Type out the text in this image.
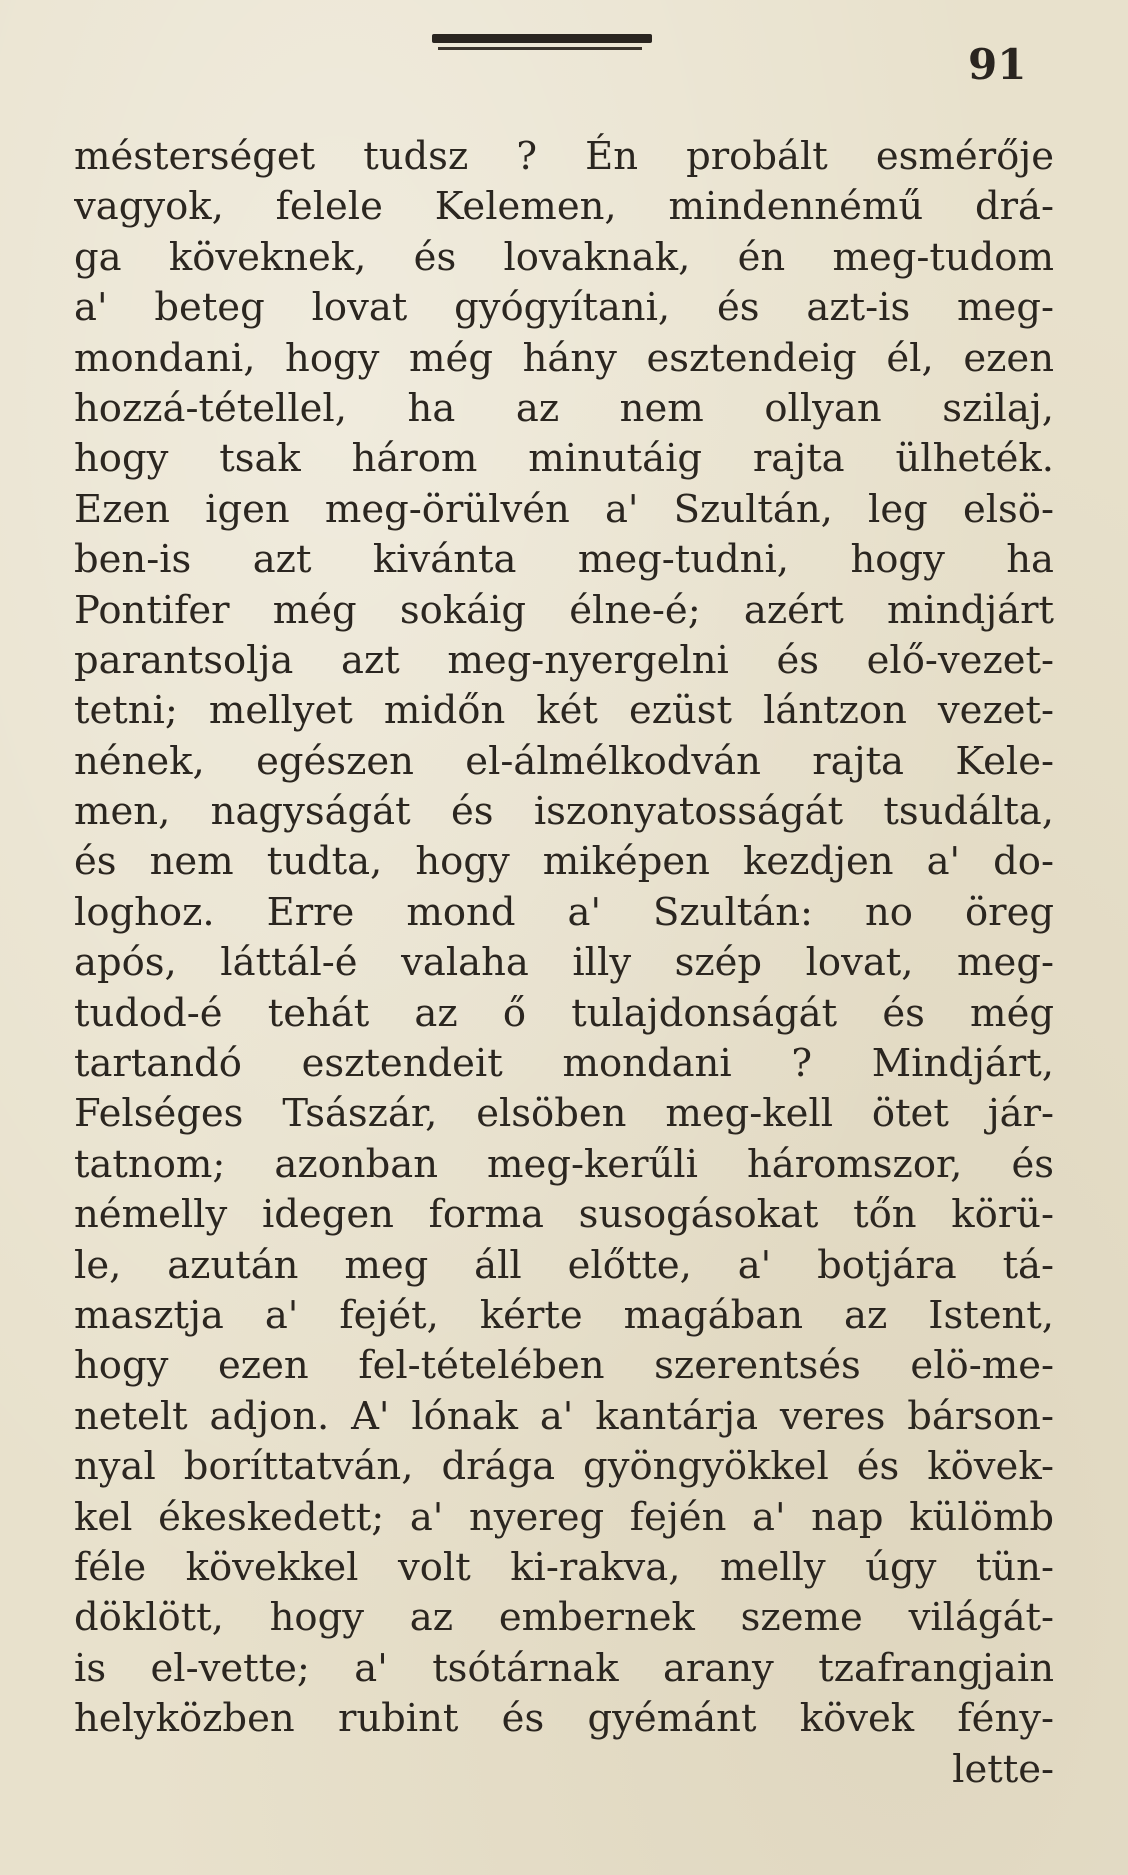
91
mésterséget tudsz ? Én probált esmérője
vagyok, felele Kelemen, mindennémű drá-
ga köveknek, és lovaknak, én meg-tudom
a' beteg lovat gyógyítani, és azt-is meg-
mondani, hogy még hány esztendeig él, ezen
hozzá-tétellel, ha az nem ollyan szilaj,
hogy tsak három minutáig rajta ülheték.
Ezen igen meg-örülvén a' Szultán, leg elsö-
ben-is azt kivánta meg-tudni, hogy ha
Pontifer még sokáig élne-é; azért mindjárt
parantsolja azt meg-nyergelni és elő-vezet-
tetni; mellyet midőn két ezüst lántzon vezet-
nének, egészen el-álmélkodván rajta Kele-
men, nagyságát és iszonyatosságát tsudálta,
és nem tudta, hogy miképen kezdjen a' do-
loghoz. Erre mond a' Szultán: no öreg
após, láttál-é valaha illy szép lovat, meg-
tudod-é tehát az ő tulajdonságát és még
tartandó esztendeit mondani ? Mindjárt,
Felséges Tsászár, elsöben meg-kell ötet jár-
tatnom; azonban meg-kerűli háromszor, és
némelly idegen forma susogásokat tőn körü-
le, azután meg áll előtte, a' botjára tá-
masztja a' fejét, kérte magában az Istent,
hogy ezen fel-tételében szerentsés elö-me-
netelt adjon. A' lónak a' kantárja veres bárson-
nyal boríttatván, drága gyöngyökkel és kövek-
kel ékeskedett; a' nyereg fején a' nap külömb
féle kövekkel volt ki-rakva, melly úgy tün-
döklött, hogy az embernek szeme világát-
is el-vette; a' tsótárnak arany tzafrangjain
helyközben rubint és gyémánt kövek fény-
lette-
